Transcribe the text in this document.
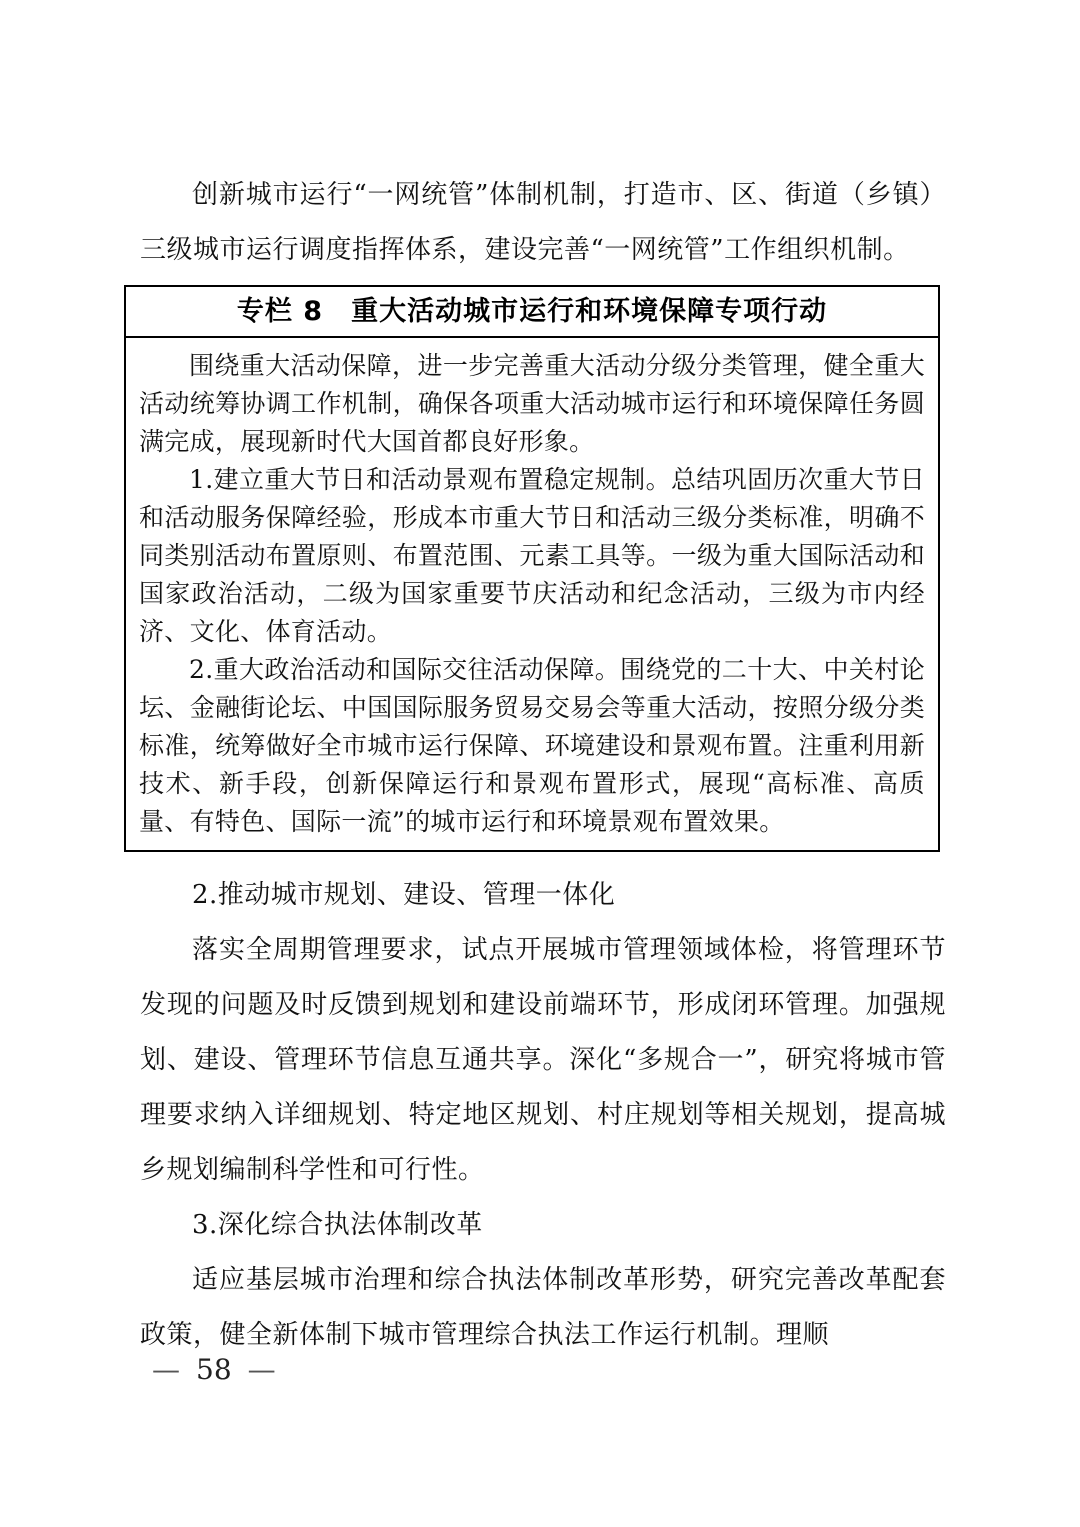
创新城市运行“一网统管”体制机制，打造市、区、街道（乡镇）三级城市运行调度指挥体系，建设完善“一网统管”工作组织机制。

专栏 8　重大活动城市运行和环境保障专项行动

围绕重大活动保障，进一步完善重大活动分级分类管理，健全重大活动统筹协调工作机制，确保各项重大活动城市运行和环境保障任务圆满完成，展现新时代大国首都良好形象。

1.建立重大节日和活动景观布置稳定规制。总结巩固历次重大节日和活动服务保障经验，形成本市重大节日和活动三级分类标准，明确不同类别活动布置原则、布置范围、元素工具等。一级为重大国际活动和国家政治活动，二级为国家重要节庆活动和纪念活动，三级为市内经济、文化、体育活动。

2.重大政治活动和国际交往活动保障。围绕党的二十大、中关村论坛、金融街论坛、中国国际服务贸易交易会等重大活动，按照分级分类标准，统筹做好全市城市运行保障、环境建设和景观布置。注重利用新技术、新手段，创新保障运行和景观布置形式，展现“高标准、高质量、有特色、国际一流”的城市运行和环境景观布置效果。

2.推动城市规划、建设、管理一体化

落实全周期管理要求，试点开展城市管理领域体检，将管理环节发现的问题及时反馈到规划和建设前端环节，形成闭环管理。加强规划、建设、管理环节信息互通共享。深化“多规合一”，研究将城市管理要求纳入详细规划、特定地区规划、村庄规划等相关规划，提高城乡规划编制科学性和可行性。

3.深化综合执法体制改革

适应基层城市治理和综合执法体制改革形势，研究完善改革配套政策，健全新体制下城市管理综合执法工作运行机制。理顺

— 58 —
